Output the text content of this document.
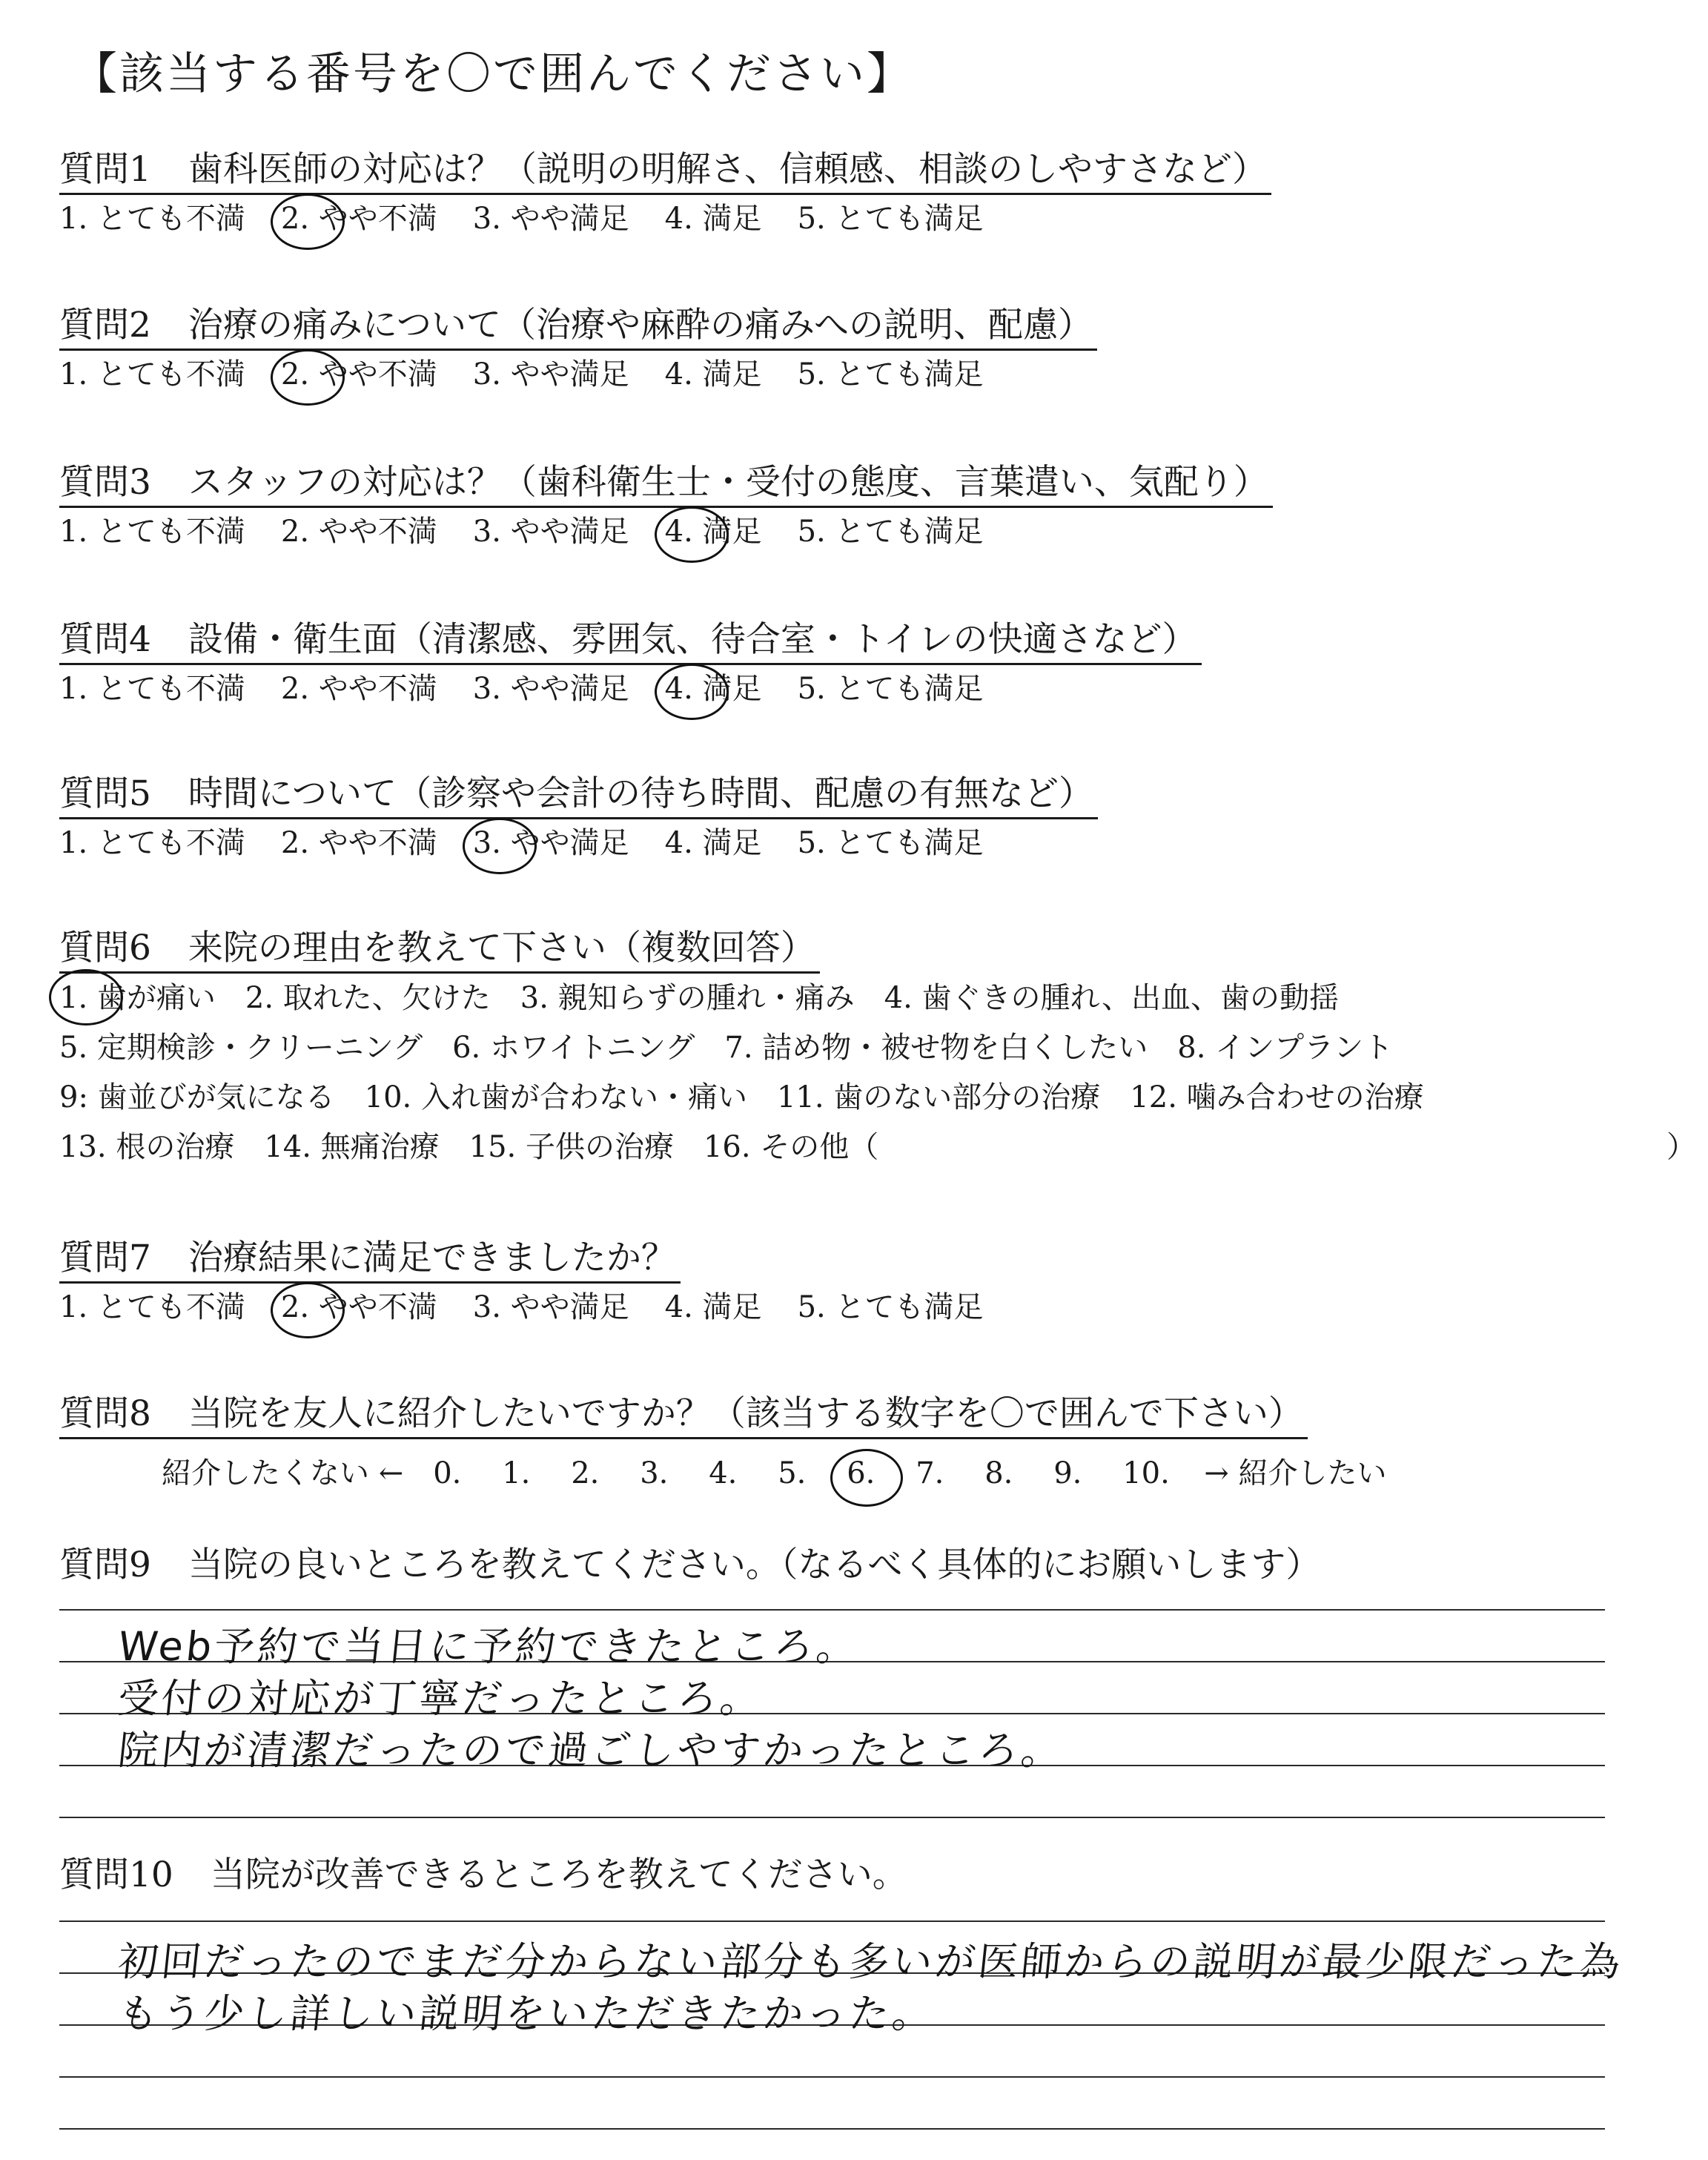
【該当する番号を〇で囲んでください】
質問1 歯科医師の対応は？（説明の明解さ、信頼感、相談のしやすさなど）
1. とても不満 2. やや不満 3. やや満足 4. 満足 5. とても満足
質問2 治療の痛みについて（治療や麻酔の痛みへの説明、配慮）
1. とても不満 2. やや不満 3. やや満足 4. 満足 5. とても満足
質問3 スタッフの対応は？（歯科衛生士・受付の態度、言葉遣い、気配り）
1. とても不満 2. やや不満 3. やや満足 4. 満足 5. とても満足
質問4 設備・衛生面（清潔感、雰囲気、待合室・トイレの快適さなど）
1. とても不満 2. やや不満 3. やや満足 4. 満足 5. とても満足
質問5 時間について（診察や会計の待ち時間、配慮の有無など）
1. とても不満 2. やや不満 3. やや満足 4. 満足 5. とても満足
質問6 来院の理由を教えて下さい（複数回答）
1. 歯が痛い 2. 取れた、欠けた 3. 親知らずの腫れ・痛み 4. 歯ぐきの腫れ、出血、歯の動揺
5. 定期検診・クリーニング 6. ホワイトニング 7. 詰め物・被せ物を白くしたい 8. インプラント
9: 歯並びが気になる 10. 入れ歯が合わない・痛い 11. 歯のない部分の治療 12. 噛み合わせの治療
13. 根の治療 14. 無痛治療 15. 子供の治療 16. その他（	）
質問7 治療結果に満足できましたか？
1. とても不満 2. やや不満 3. やや満足 4. 満足 5. とても満足
質問8 当院を友人に紹介したいですか？（該当する数字を〇で囲んで下さい）
紹介したくない ← 0. 1. 2. 3. 4. 5. 6. 7. 8. 9. 10. → 紹介したい
質問9 当院の良いところを教えてください。（なるべく具体的にお願いします）
Web予約で当日に予約できたところ。
受付の対応が丁寧だったところ。
院内が清潔だったので過ごしやすかったところ。
質問10 当院が改善できるところを教えてください。
初回だったのでまだ分からない部分も多いが医師からの説明が最少限だった為
もう少し詳しい説明をいただきたかった。
